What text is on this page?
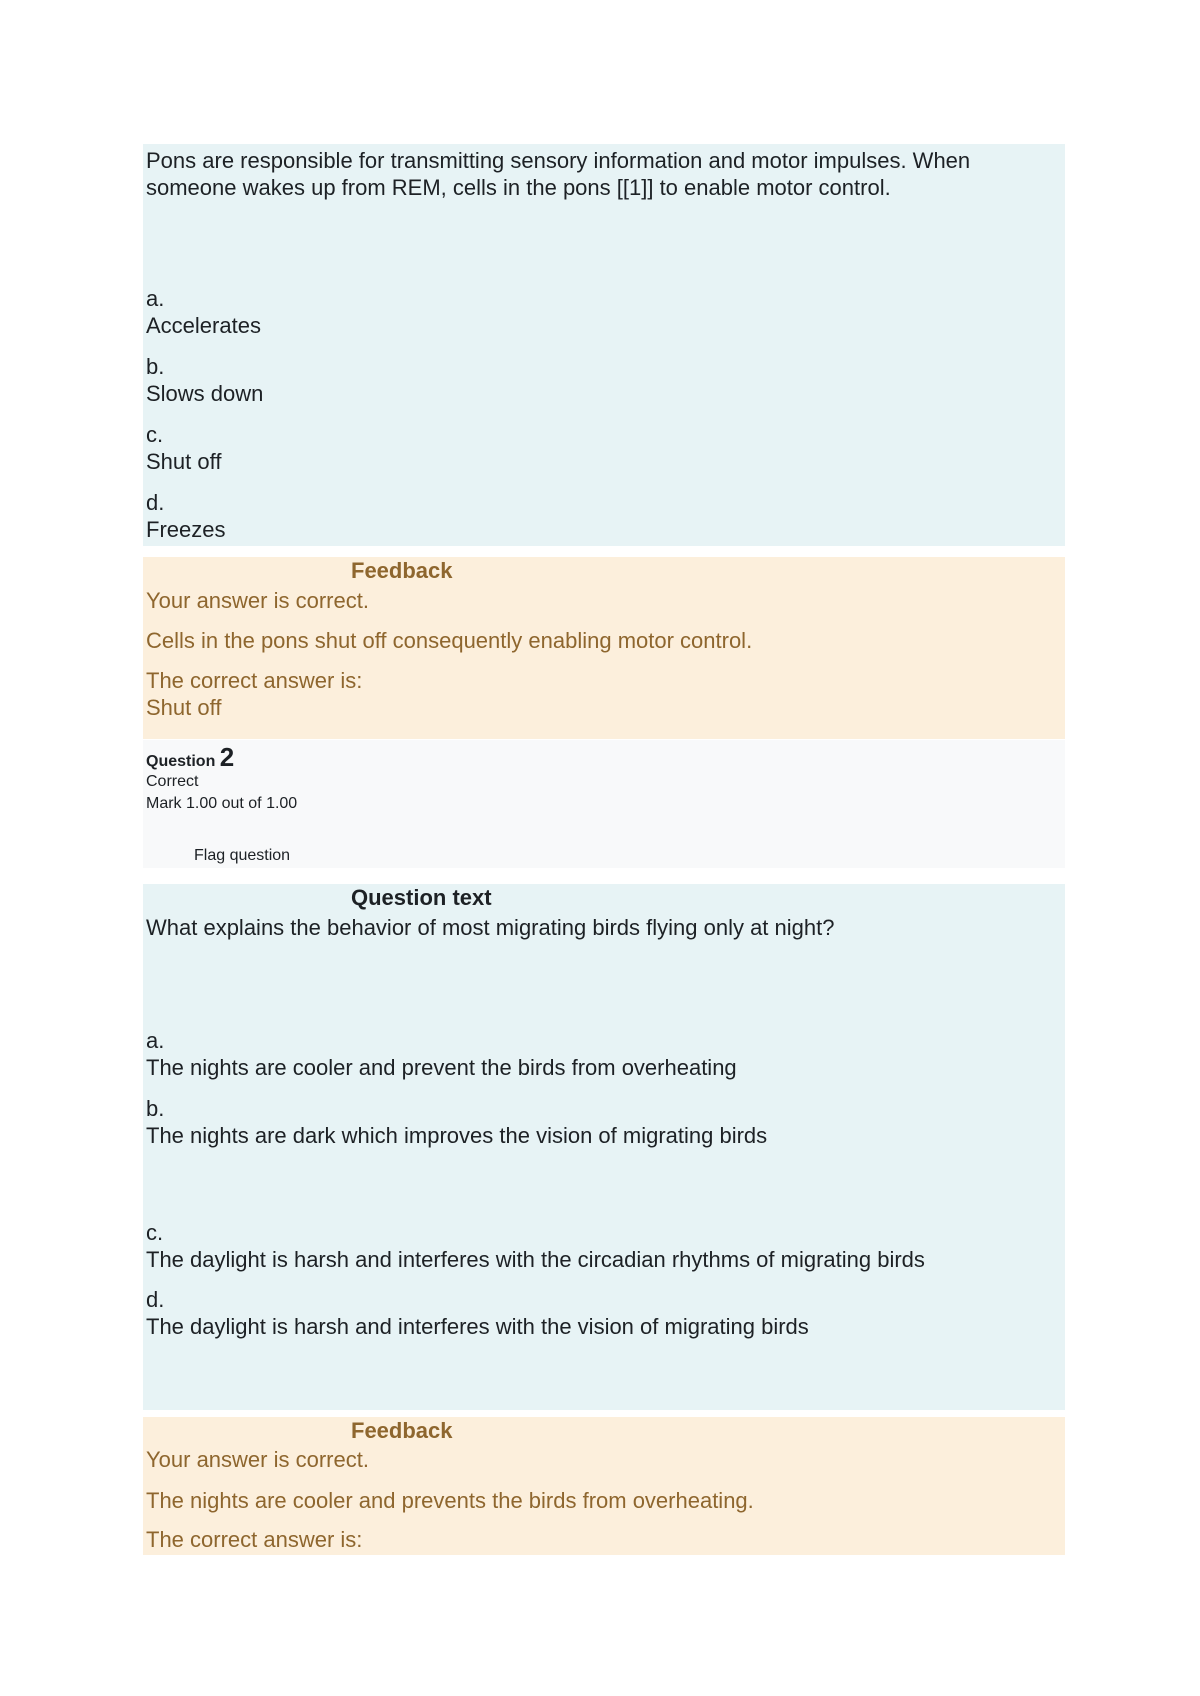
Pons are responsible for transmitting sensory information and motor impulses. When
someone wakes up from REM, cells in the pons [[1]] to enable motor control.
a.
Accelerates
b.
Slows down
c.
Shut off
d.
Freezes
Feedback
Your answer is correct.
Cells in the pons shut off consequently enabling motor control.
The correct answer is:
Shut off
Question 2
Correct
Mark 1.00 out of 1.00
Flag question
Question text
What explains the behavior of most migrating birds flying only at night?
a.
The nights are cooler and prevent the birds from overheating
b.
The nights are dark which improves the vision of migrating birds
c.
The daylight is harsh and interferes with the circadian rhythms of migrating birds
d.
The daylight is harsh and interferes with the vision of migrating birds
Feedback
Your answer is correct.
The nights are cooler and prevents the birds from overheating.
The correct answer is:
